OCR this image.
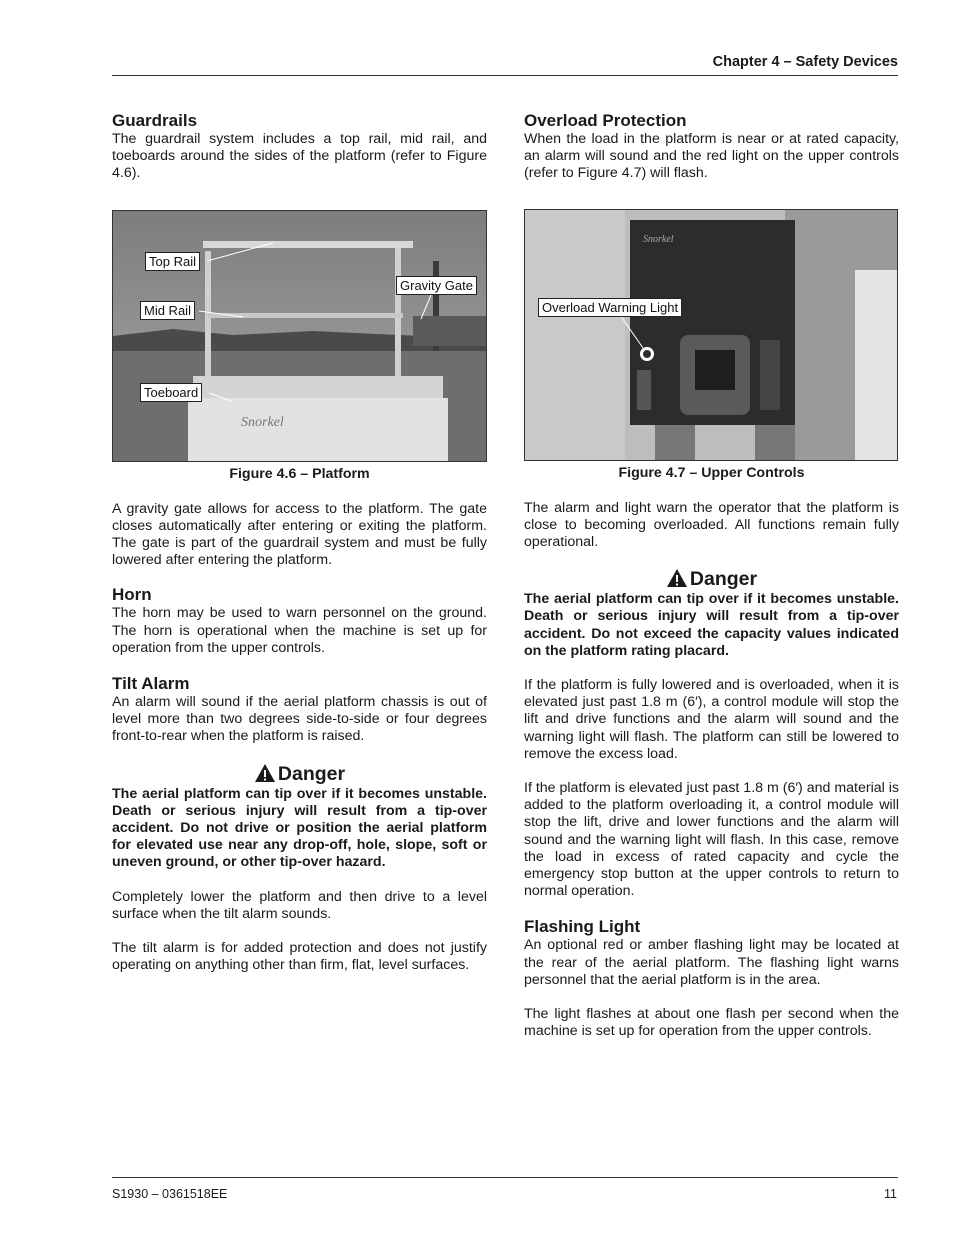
Chapter 4 – Safety Devices
Guardrails

The guardrail system includes a top rail, mid rail, and toeboards around the sides of the platform (refer to Figure 4.6).

Snorkel
Top Rail
Mid Rail
Gravity Gate
Toeboard
Figure 4.6 – Platform

A gravity gate allows for access to the platform. The gate closes automatically after entering or exiting the platform. The gate is part of the guardrail system and must be fully lowered after entering the platform.

Horn

The horn may be used to warn personnel on the ground. The horn is operational when the machine is set up for operation from the upper controls.

Tilt Alarm

An alarm will sound if the aerial platform chassis is out of level more than two degrees side-to-side or four degrees front-to-rear when the platform is raised.

Danger

The aerial platform can tip over if it becomes unstable. Death or serious injury will result from a tip-over accident. Do not drive or position the aerial platform for elevated use near any drop-off, hole, slope, soft or uneven ground, or other tip-over hazard.

Completely lower the platform and then drive to a level surface when the tilt alarm sounds.

The tilt alarm is for added protection and does not justify operating on anything other than firm, flat, level surfaces.

Overload Protection

When the load in the platform is near or at rated capacity, an alarm will sound and the red light on the upper controls (refer to Figure 4.7) will flash.

Snorkel
Overload Warning Light
Figure 4.7 – Upper Controls

The alarm and light warn the operator that the platform is close to becoming overloaded. All functions remain fully operational.

Danger

The aerial platform can tip over if it becomes unstable. Death or serious injury will result from a tip-over accident. Do not exceed the capacity values indicated on the platform rating placard.

If the platform is fully lowered and is overloaded, when it is elevated just past 1.8 m (6′), a control module will stop the lift and drive functions and the alarm will sound and the warning light will flash. The platform can still be lowered to remove the excess load.

If the platform is elevated just past 1.8 m (6′) and material is added to the platform overloading it, a control module will stop the lift, drive and lower functions and the alarm will sound and the warning light will flash. In this case, remove the load in excess of rated capacity and cycle the emergency stop button at the upper controls to return to normal operation.

Flashing Light

An optional red or amber flashing light may be located at the rear of the aerial platform. The flashing light warns personnel that the aerial platform is in the area.

The light flashes at about one flash per second when the machine is set up for operation from the upper controls.

S1930 – 0361518EE	11
